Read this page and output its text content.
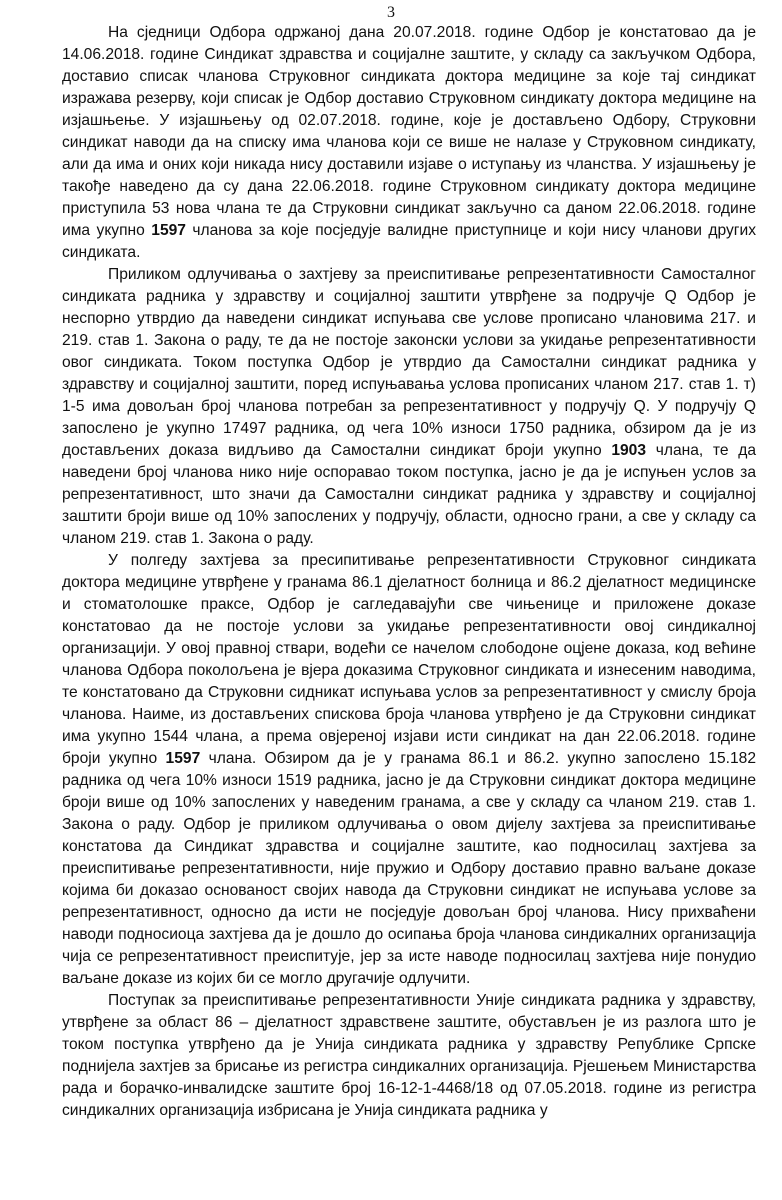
3

На сједници Одбора одржаној дана 20.07.2018. године Одбор је констатовао да је 14.06.2018. године Синдикат здравства и социјалне заштите, у складу са закључком Одбора, доставио списак чланова Струковног синдиката доктора медицине за које тај синдикат изражава резерву, који списак је Одбор доставио Струковном синдикату доктора медицине на изјашњење. У изјашњењу од 02.07.2018. године, које је достављено Одбору, Струковни синдикат наводи да на списку има чланова који се више не налазе у Струковном синдикату, али да има и оних који никада нису доставили изјаве о иступању из чланства. У изјашњењу је такође наведено да су дана 22.06.2018. године Струковном синдикату доктора медицине приступила 53 нова члана те да Струковни синдикат закључно са даном 22.06.2018. године има укупно 1597 чланова за које посједује валидне приступнице и који нису чланови других синдиката.

Приликом одлучивања о захтјеву за преиспитивање репрезентативности Самосталног синдиката радника у здравству и социјалној заштити утврђене за подручје Q Одбор је неспорно утврдио да наведени синдикат испуњава све услове прописано члановима 217. и 219. став 1. Закона о раду, те да не постоје законски услови за укидање репрезентативности овог синдиката. Током поступка Одбор је утврдио да Самостални синдикат радника у здравству и социјалној заштити, поред испуњавања услова прописаних чланом 217. став 1. т) 1-5 има довољан број чланова потребан за репрезентативност у подручју Q. У подручју Q запослено је укупно 17497 радника, од чега 10% износи 1750 радника, обзиром да је из достављених доказа видљиво да Самостални синдикат броји укупно 1903 члана, те да наведени број чланова нико није оспоравао током поступка, јасно је да је испуњен услов за репрезентативност, што значи да Самостални синдикат радника у здравству и социјалној заштити броји више од 10% запослених у подручју, области, односно грани, а све у складу са чланом 219. став 1. Закона о раду.

У полгеду захтјева за пресипитивање репрезентативности Струковног синдиката доктора медицине утврђене у гранама 86.1 дјелатност болница и 86.2 дјелатност медицинске и стоматолошке праксе, Одбор је сагледавајући све чињенице и приложене доказе констатовао да не постоје услови за укидање репрезентативности овој синдикалној организацији. У овој правној ствари, водећи се начелом слободоне оцјене доказа, код већине чланова Одбора поколољена је вјера доказима Струковног синдиката и изнесеним наводима, те констатовано да Струковни сидникат испуњава услов за репрезентативност у смислу броја чланова. Наиме, из достављених спискова броја чланова утврђено је да Струковни синдикат има укупно 1544 члана, а према овјереној изјави исти синдикат на дан 22.06.2018. године броји укупно 1597 члана. Обзиром да је у гранама 86.1 и 86.2. укупно запослено 15.182 радника од чега 10% износи 1519 радника, јасно је да Струковни синдикат доктора медицине броји више од 10% запослених у наведеним гранама, а све у складу са чланом 219. став 1. Закона о раду. Одбор је приликом одлучивања о овом дијелу захтјева за преиспитивање констатова да Синдикат здравства и социјалне заштите, као подносилац захтјева за преиспитивање репрезентативности, није пружио и Одбору доставио правно ваљане доказе којима би доказао основаност својих навода да Струковни синдикат не испуњава услове за репрезентативност, односно да исти не посједује довољан број чланова. Нису прихваћени наводи подносиоца захтјева да је дошло до осипања броја чланова синдикалних организација чија се репрезентативност преиспитује, јер за исте наводе подносилац захтјева није понудио ваљане доказе из којих би се могло другачије одлучити.

Поступак за преиспитивање репрезентативности Уније синдиката радника у здравству, утврђене за област 86 – дјелатност здравствене заштите, обустављен је из разлога што је током поступка утврђено да је Унија синдиката радника у здравству Републике Српске поднијела захтјев за брисање из регистра синдикалних организација. Рјешењем Министарства рада и борачко-инвалидске заштите број 16-12-1-4468/18 од 07.05.2018. године из регистра синдикалних организација избрисана је Унија синдиката радника у
